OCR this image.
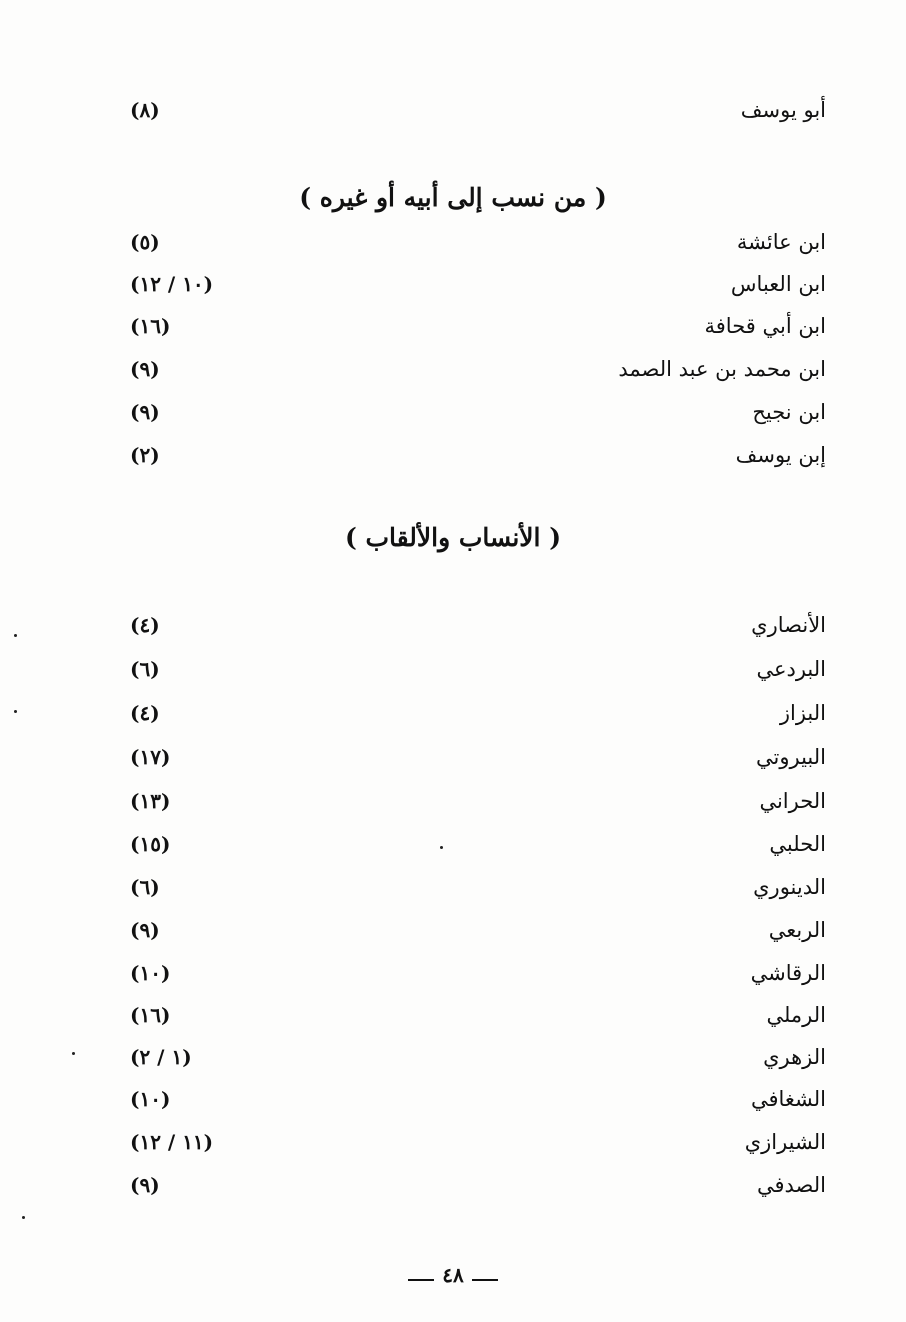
أبو يوسف
(٨)
( من نسب إلى أبيه أو غيره )
ابن عائشة
(٥)
ابن العباس
(١٠ / ١٢)
ابن أبي قحافة
(١٦)
ابن محمد بن عبد الصمد
(٩)
ابن نجيح
(٩)
إبن يوسف
(٢)
( الأنساب والألقاب )
الأنصاري
(٤)
البردعي
(٦)
البزاز
(٤)
البيروتي
(١٧)
الحراني
(١٣)
الحلبي
(١٥)
الدينوري
(٦)
الربعي
(٩)
الرقاشي
(١٠)
الرملي
(١٦)
الزهري
(١ / ٢)
الشغافي
(١٠)
الشيرازي
(١١ / ١٢)
الصدفي
(٩)
٤٨
